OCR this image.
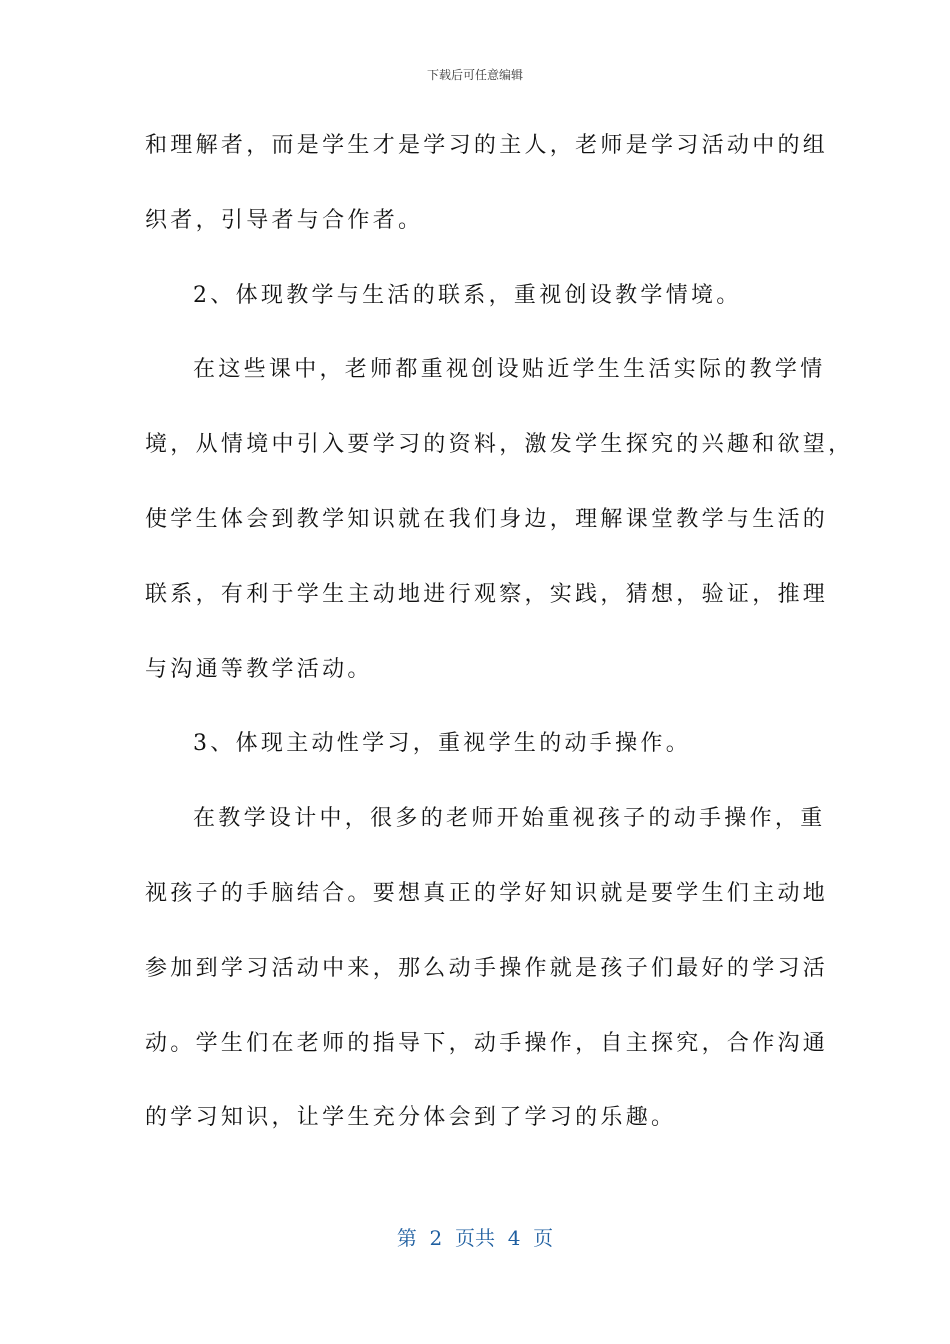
下载后可任意编辑
和理解者，而是学生才是学习的主人，老师是学习活动中的组
织者，引导者与合作者。
2、体现教学与生活的联系，重视创设教学情境。
在这些课中，老师都重视创设贴近学生生活实际的教学情
境，从情境中引入要学习的资料，激发学生探究的兴趣和欲望，
使学生体会到教学知识就在我们身边，理解课堂教学与生活的
联系，有利于学生主动地进行观察，实践，猜想，验证，推理
与沟通等教学活动。
3、体现主动性学习，重视学生的动手操作。
在教学设计中，很多的老师开始重视孩子的动手操作，重
视孩子的手脑结合。要想真正的学好知识就是要学生们主动地
参加到学习活动中来，那么动手操作就是孩子们最好的学习活
动。学生们在老师的指导下，动手操作，自主探究，合作沟通
的学习知识，让学生充分体会到了学习的乐趣。
第  2  页共  4  页
